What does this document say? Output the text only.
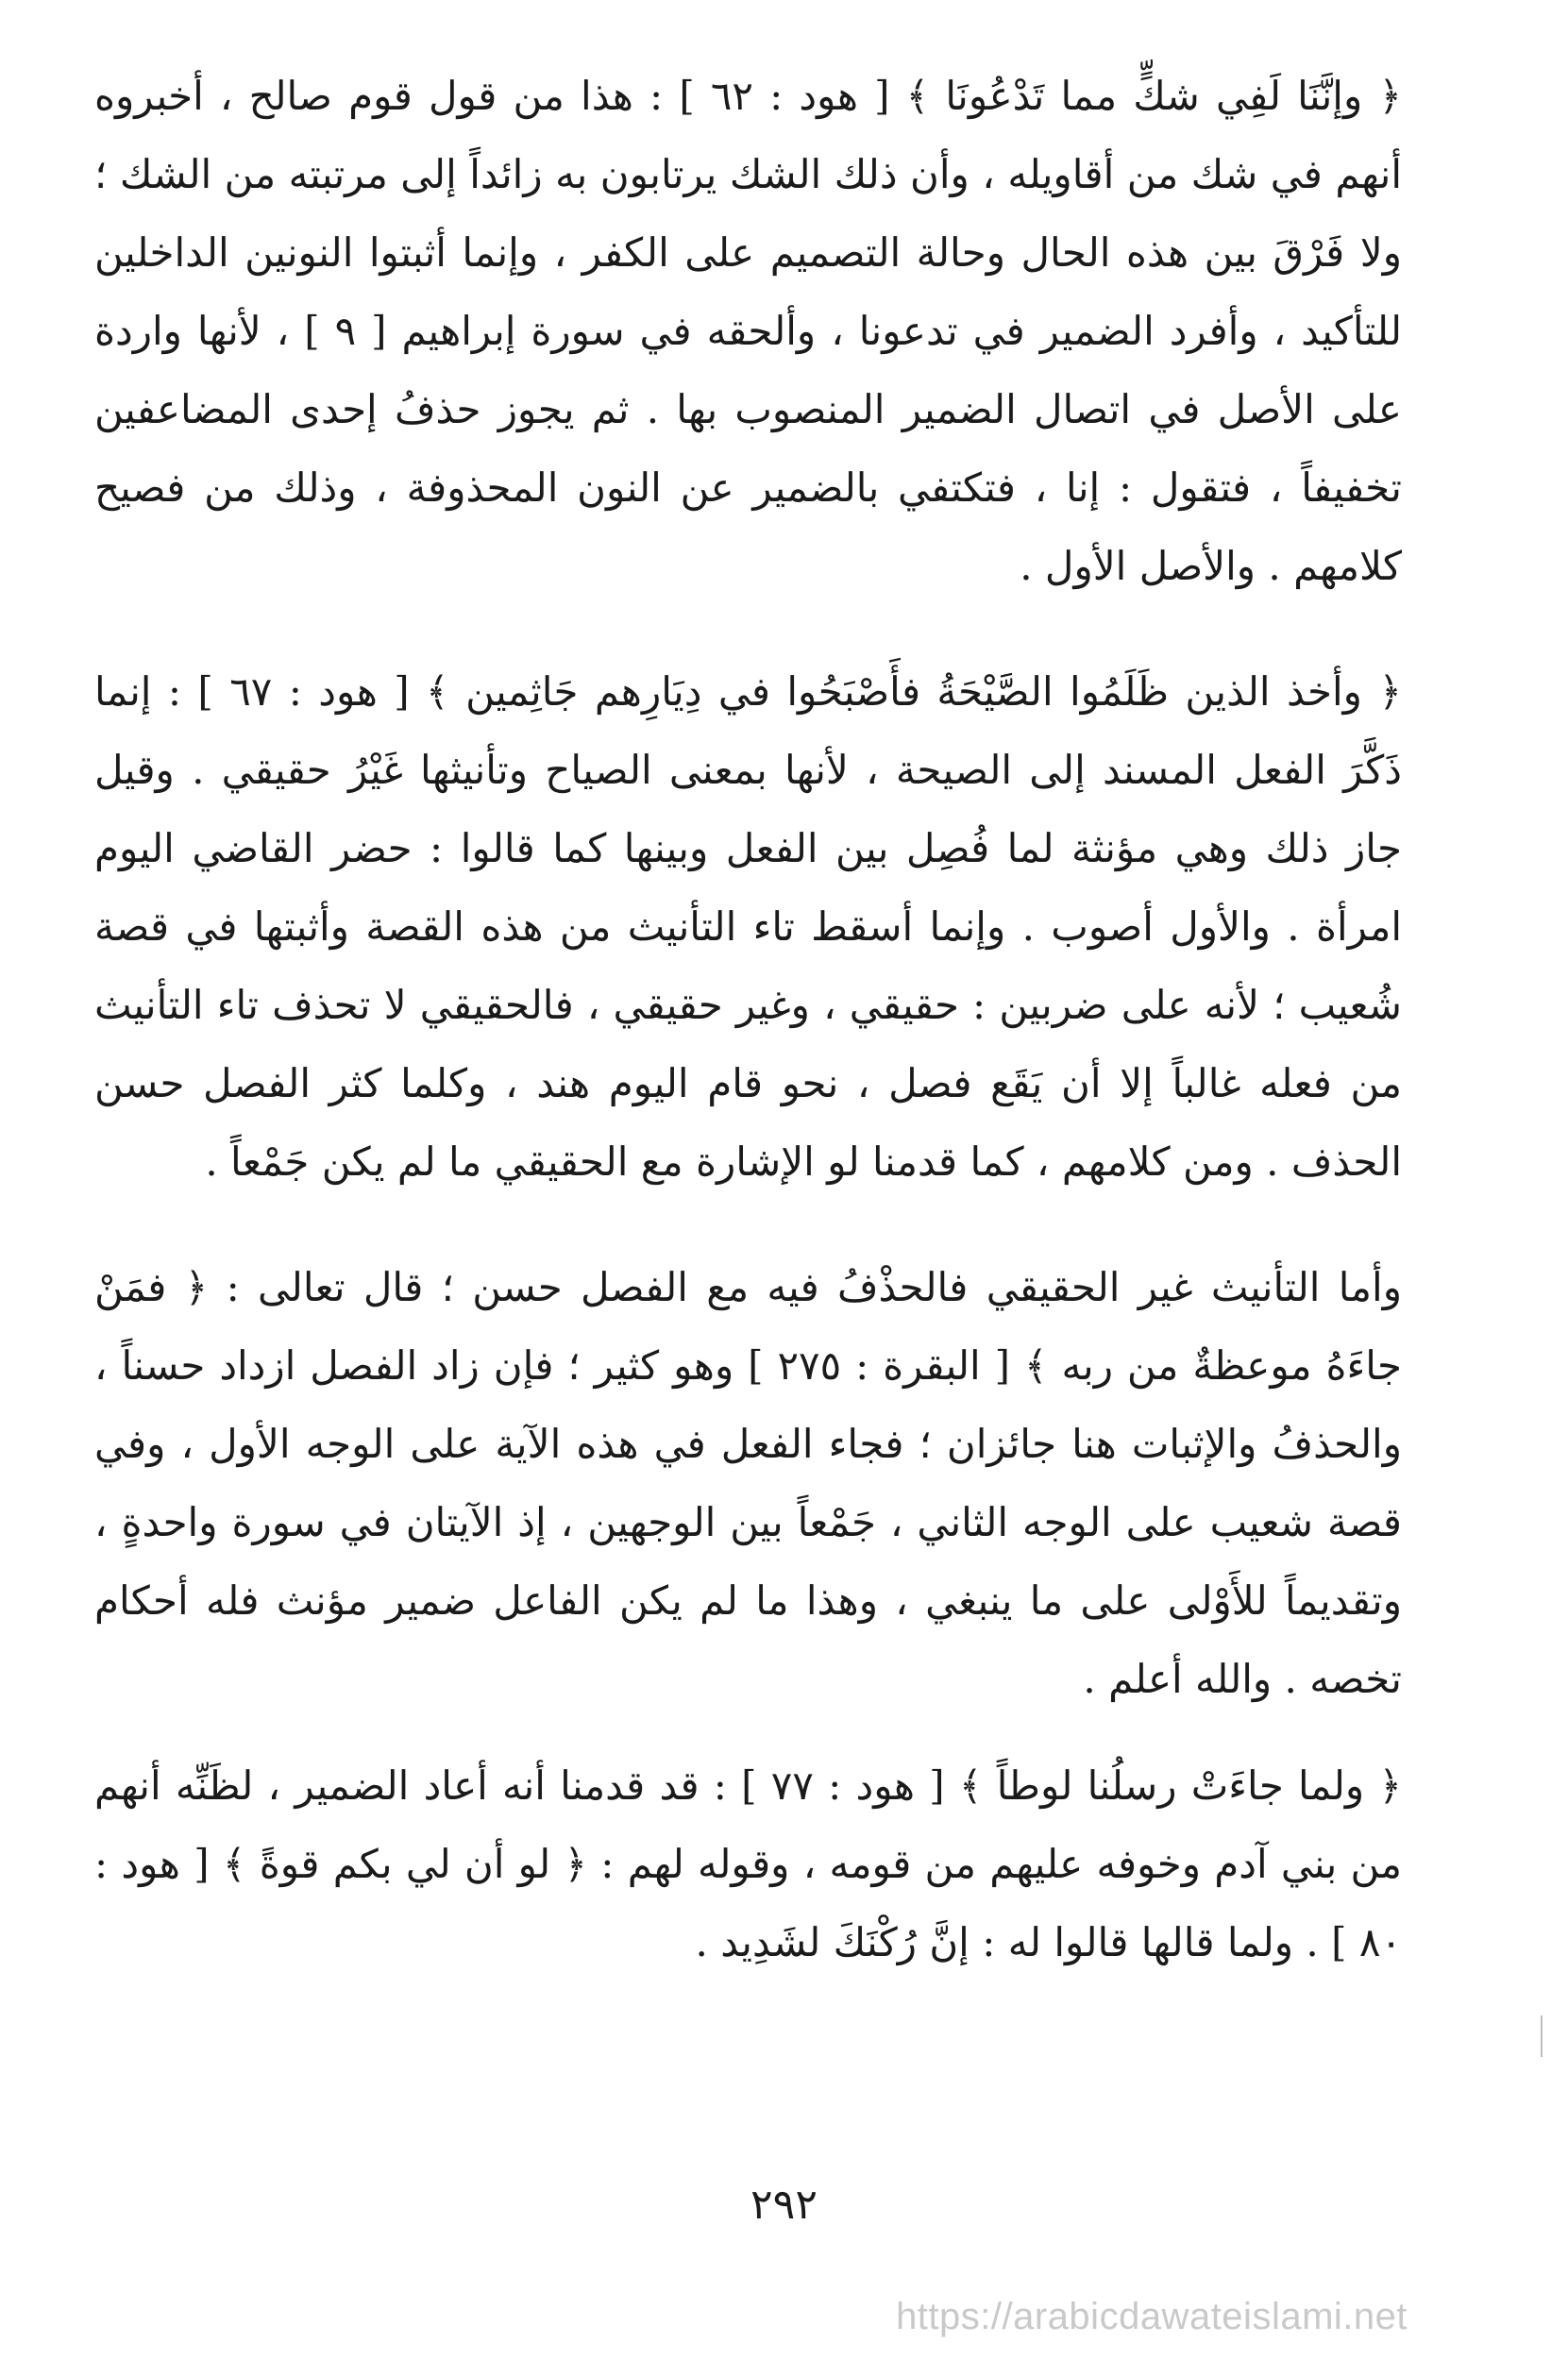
﴿ وإنَّنَا لَفِي شكٍّ مما تَدْعُونَا ﴾ [ هود : ٦٢ ] : هذا من قول قوم صالح ، أخبروه أنهم في شك من أقاويله ، وأن ذلك الشك يرتابون به زائداً إلى مرتبته من الشك ؛ ولا فَرْقَ بين هذه الحال وحالة التصميم على الكفر ، وإنما أثبتوا النونين الداخلين للتأكيد ، وأفرد الضمير في تدعونا ، وألحقه في سورة إبراهيم [ ٩ ] ، لأنها واردة على الأصل في اتصال الضمير المنصوب بها . ثم يجوز حذفُ إحدى المضاعفين تخفيفاً ، فتقول : إنا ، فتكتفي بالضمير عن النون المحذوفة ، وذلك من فصيح كلامهم . والأصل الأول .

﴿ وأخذ الذين ظَلَمُوا الصَّيْحَةُ فأَصْبَحُوا في دِيَارِهم جَاثِمين ﴾ [ هود : ٦٧ ] : إنما ذَكَّرَ الفعل المسند إلى الصيحة ، لأنها بمعنى الصياح وتأنيثها غَيْرُ حقيقي . وقيل جاز ذلك وهي مؤنثة لما فُصِل بين الفعل وبينها كما قالوا : حضر القاضي اليوم امرأة . والأول أصوب . وإنما أسقط تاء التأنيث من هذه القصة وأثبتها في قصة شُعيب ؛ لأنه على ضربين : حقيقي ، وغير حقيقي ، فالحقيقي لا تحذف تاء التأنيث من فعله غالباً إلا أن يَقَع فصل ، نحو قام اليوم هند ، وكلما كثر الفصل حسن الحذف . ومن كلامهم ، كما قدمنا لو الإشارة مع الحقيقي ما لم يكن جَمْعاً .

وأما التأنيث غير الحقيقي فالحذْفُ فيه مع الفصل حسن ؛ قال تعالى : ﴿ فمَنْ جاءَهُ موعظةٌ من ربه ﴾ [ البقرة : ٢٧٥ ] وهو كثير ؛ فإن زاد الفصل ازداد حسناً ، والحذفُ والإثبات هنا جائزان ؛ فجاء الفعل في هذه الآية على الوجه الأول ، وفي قصة شعيب على الوجه الثاني ، جَمْعاً بين الوجهين ، إذ الآيتان في سورة واحدةٍ ، وتقديماً للأَوْلى على ما ينبغي ، وهذا ما لم يكن الفاعل ضمير مؤنث فله أحكام تخصه . والله أعلم .

﴿ ولما جاءَتْ رسلُنا لوطاً ﴾ [ هود : ٧٧ ] : قد قدمنا أنه أعاد الضمير ، لظَنِّه أنهم من بني آدم وخوفه عليهم من قومه ، وقوله لهم : ﴿ لو أن لي بكم قوةً ﴾ [ هود : ٨٠ ] . ولما قالها قالوا له : إنَّ رُكْنَكَ لشَدِيد .

٢٩٢
https://arabicdawateislami.net
